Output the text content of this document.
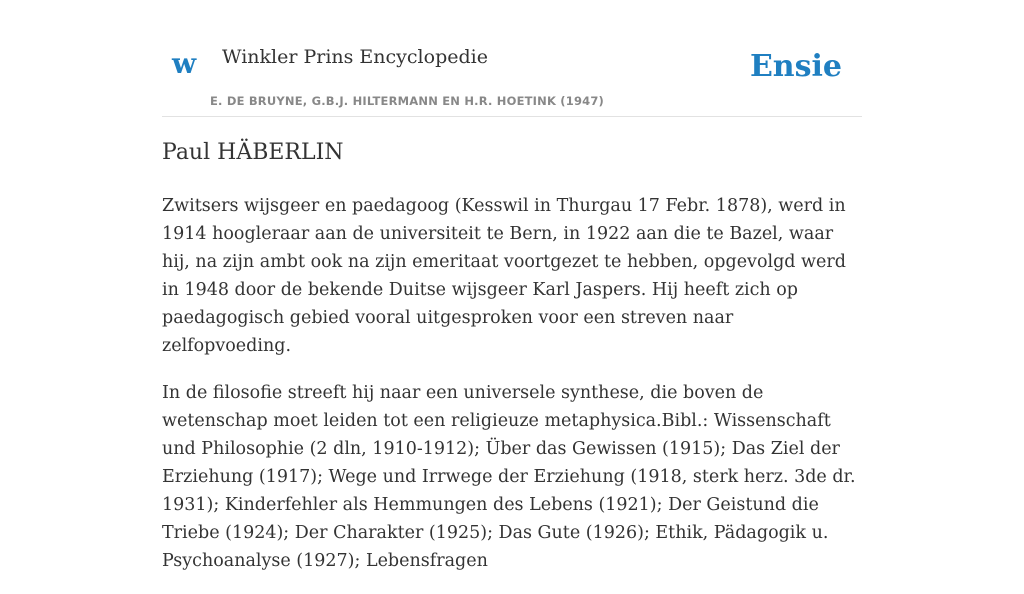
w Winkler Prins Encyclopedie
E. DE BRUYNE, G.B.J. HILTERMANN EN H.R. HOETINK (1947)
Ensie
Paul HÄBERLIN

Zwitsers wijsgeer en paedagoog (Kesswil in Thurgau 17 Febr. 1878), werd in 1914 hoogleraar aan de universiteit te Bern, in 1922 aan die te Bazel, waar hij, na zijn ambt ook na zijn emeritaat voortgezet te hebben, opgevolgd werd in 1948 door de bekende Duitse wijsgeer Karl Jaspers. Hij heeft zich op paedagogisch gebied vooral uitgesproken voor een streven naar zelfopvoeding.

In de filosofie streeft hij naar een universele synthese, die boven de wetenschap moet leiden tot een religieuze metaphysica.Bibl.: Wissenschaft und Philosophie (2 dln, 1910-1912); Über das Gewissen (1915); Das Ziel der Erziehung (1917); Wege und Irrwege der Erziehung (1918, sterk herz. 3de dr. 1931); Kinderfehler als Hemmungen des Lebens (1921); Der Geistund die Triebe (1924); Der Charakter (1925); Das Gute (1926); Ethik, Pädagogik u. Psychoanalyse (1927); Lebensfragen
